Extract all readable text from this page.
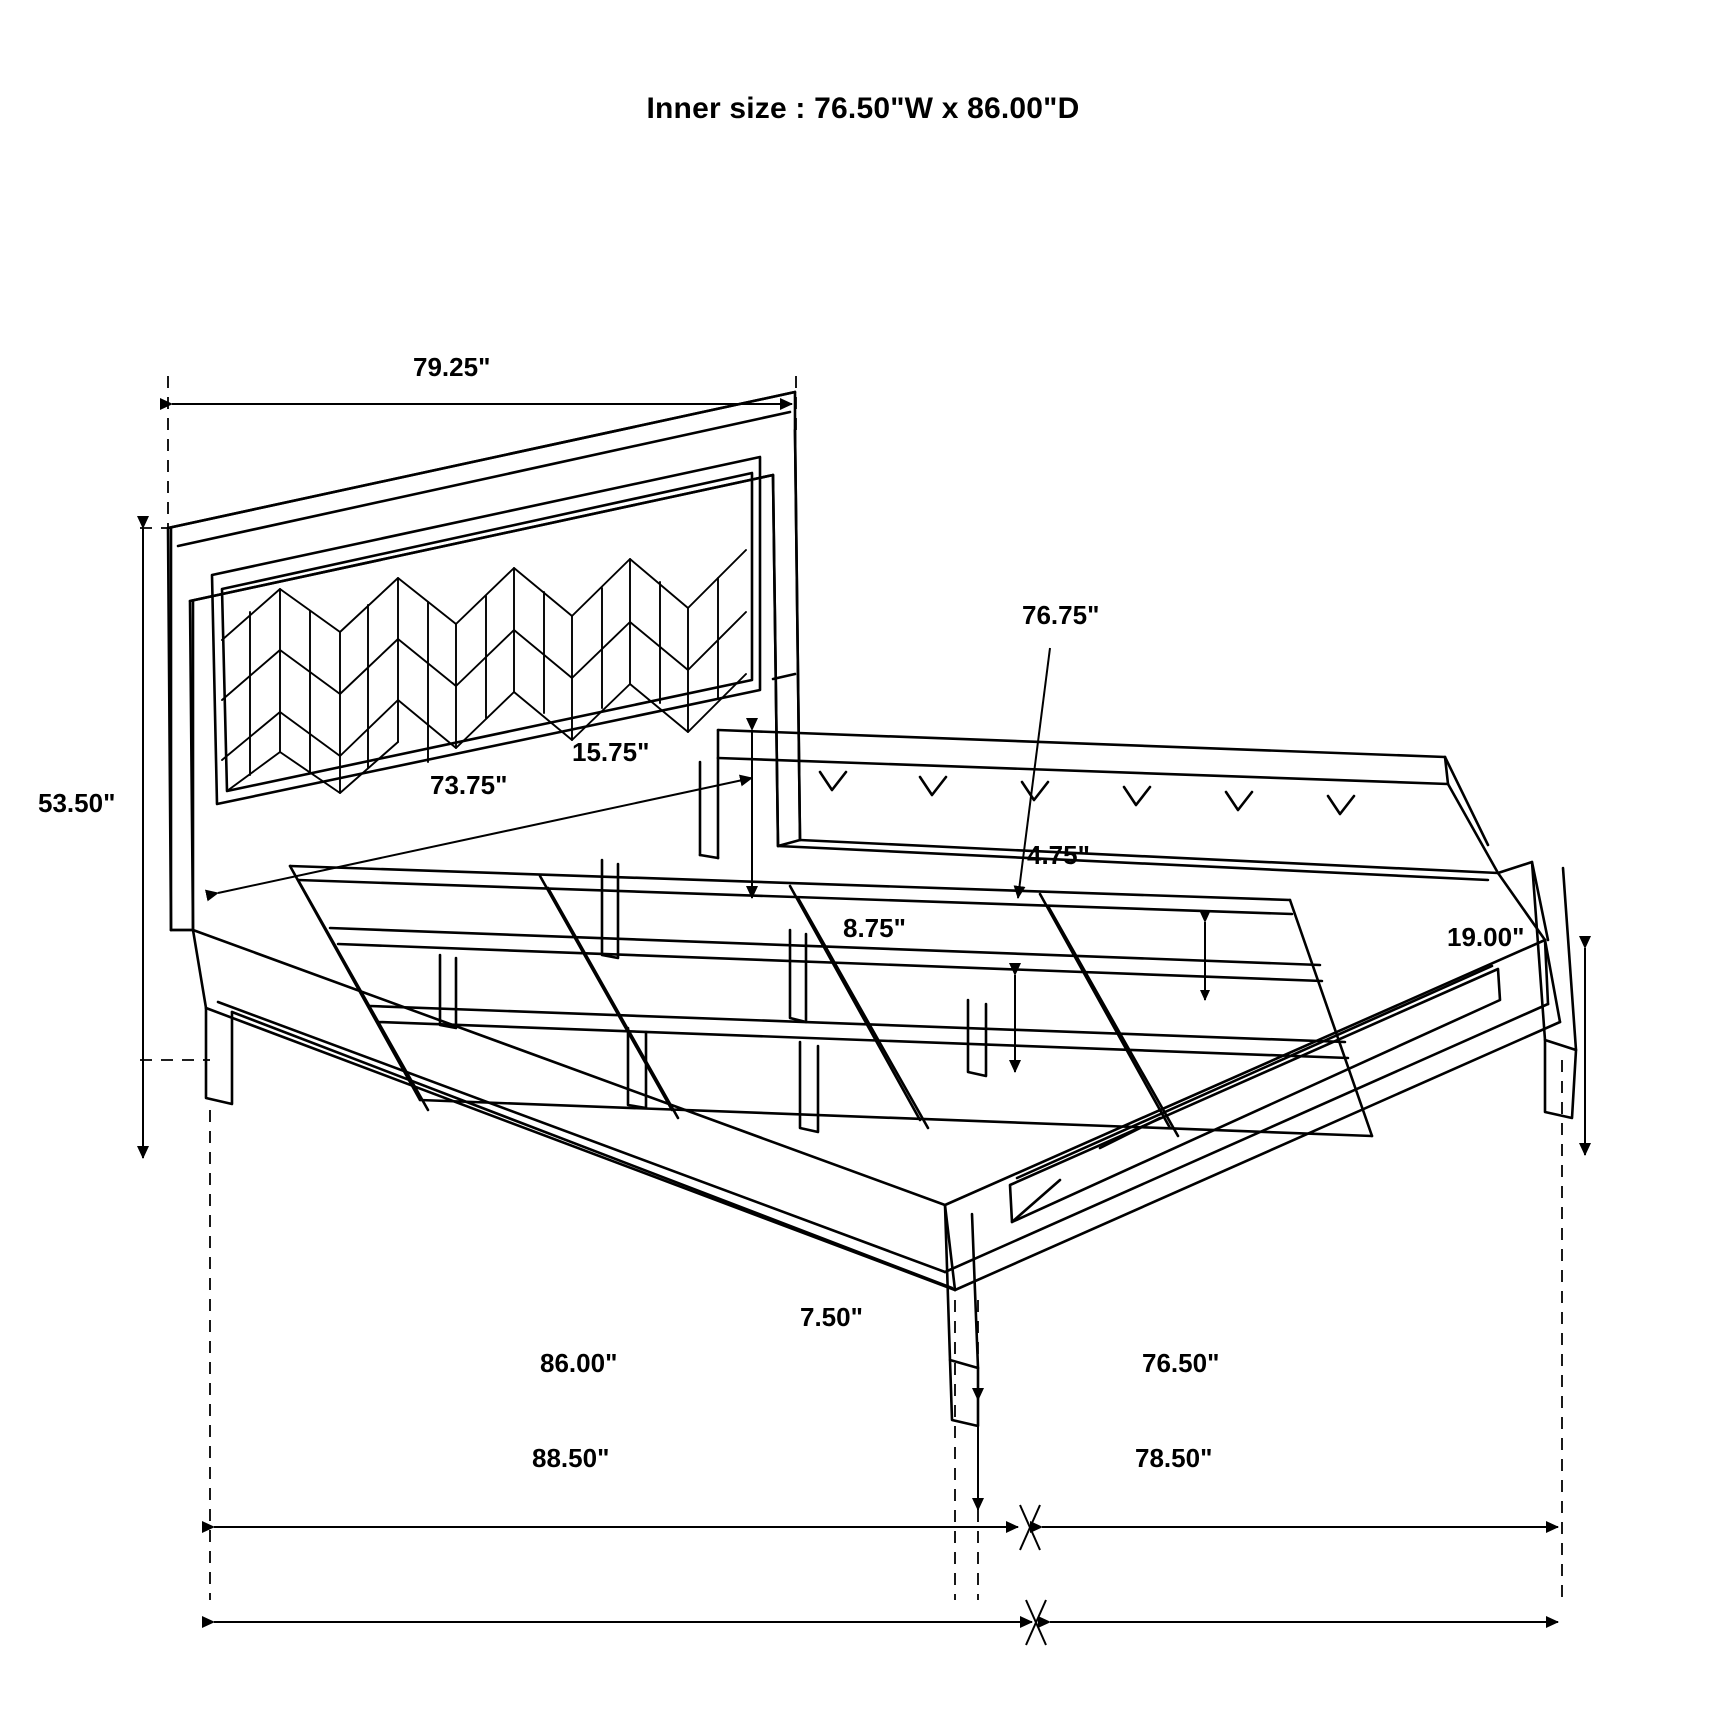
Inner size : 76.50"W x 86.00"D
79.25"
53.50"
73.75"
15.75"
76.75"
4.75"
8.75"	19.00"
7.50"
86.00"	76.50"
88.50"	78.50"
